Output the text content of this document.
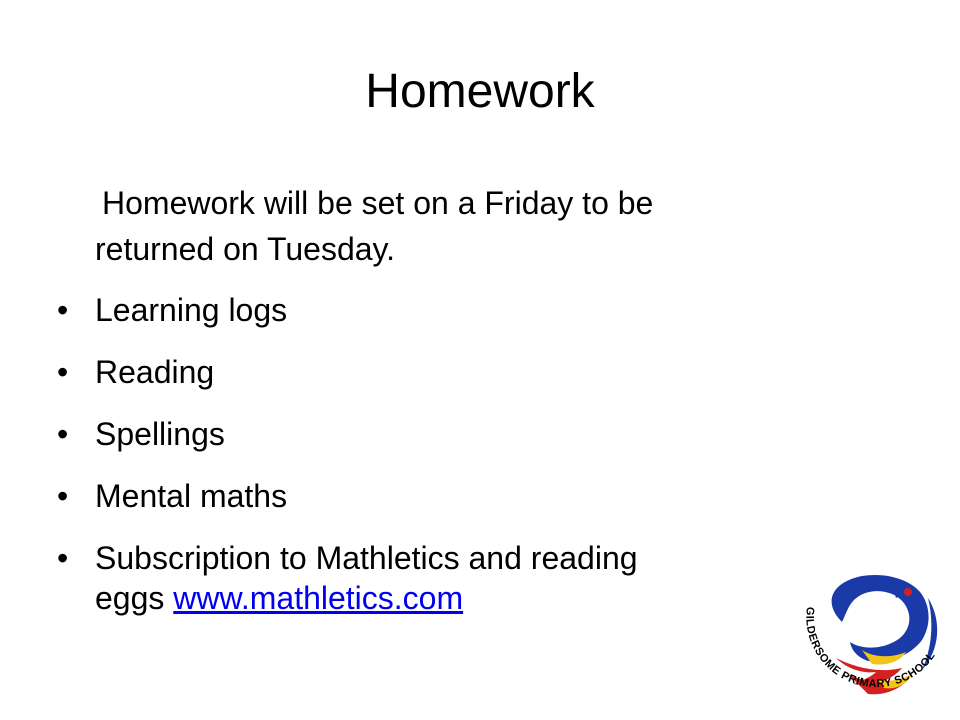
Homework
Homework will be set on a Friday to be
returned on Tuesday.
• Learning logs
• Reading
• Spellings
• Mental maths
• Subscription to Mathletics and reading
eggs www.mathletics.com	GILDERSOME PRIMARY SCHOOL
